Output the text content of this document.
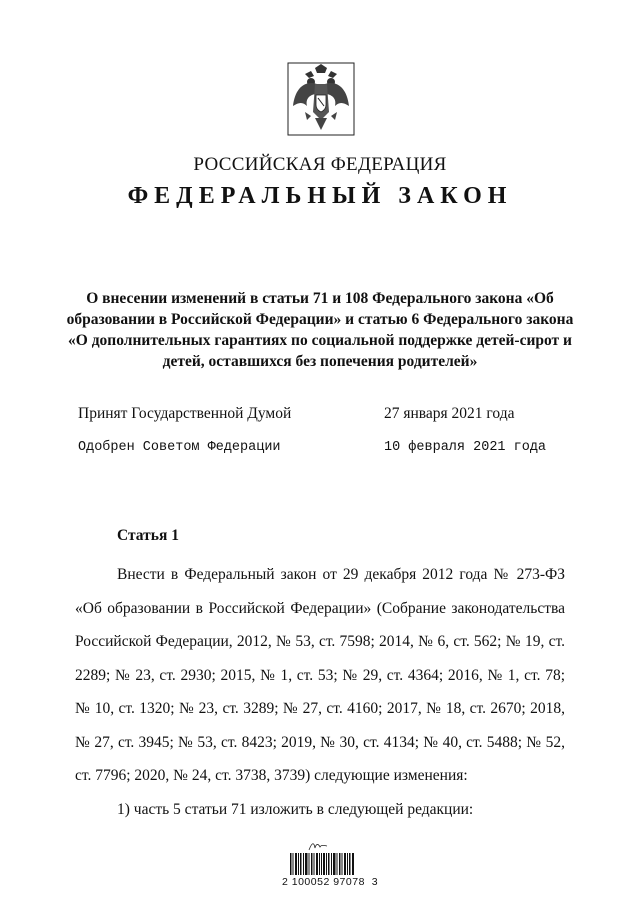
РОССИЙСКАЯ ФЕДЕРАЦИЯ
ФЕДЕРАЛЬНЫЙ ЗАКОН
О внесении изменений в статьи 71 и 108 Федерального закона «Об образовании в Российской Федерации» и статью 6 Федерального закона «О дополнительных гарантиях по социальной поддержке детей-сирот и детей, оставшихся без попечения родителей»
Принят Государственной Думой	27 января 2021 года
Одобрен Советом Федерации	10 февраля 2021 года
Статья 1
Внести в Федеральный закон от 29 декабря 2012 года № 273-ФЗ «Об образовании в Российской Федерации» (Собрание законодательства Российской Федерации, 2012, № 53, ст. 7598; 2014, № 6, ст. 562; № 19, ст. 2289; № 23, ст. 2930; 2015, № 1, ст. 53; № 29, ст. 4364; 2016, № 1, ст. 78; № 10, ст. 1320; № 23, ст. 3289; № 27, ст. 4160; 2017, № 18, ст. 2670; 2018, № 27, ст. 3945; № 53, ст. 8423; 2019, № 30, ст. 4134; № 40, ст. 5488; № 52, ст. 7796; 2020, № 24, ст. 3738, 3739) следующие изменения:
1) часть 5 статьи 71 изложить в следующей редакции:
2 100052 97078  3
